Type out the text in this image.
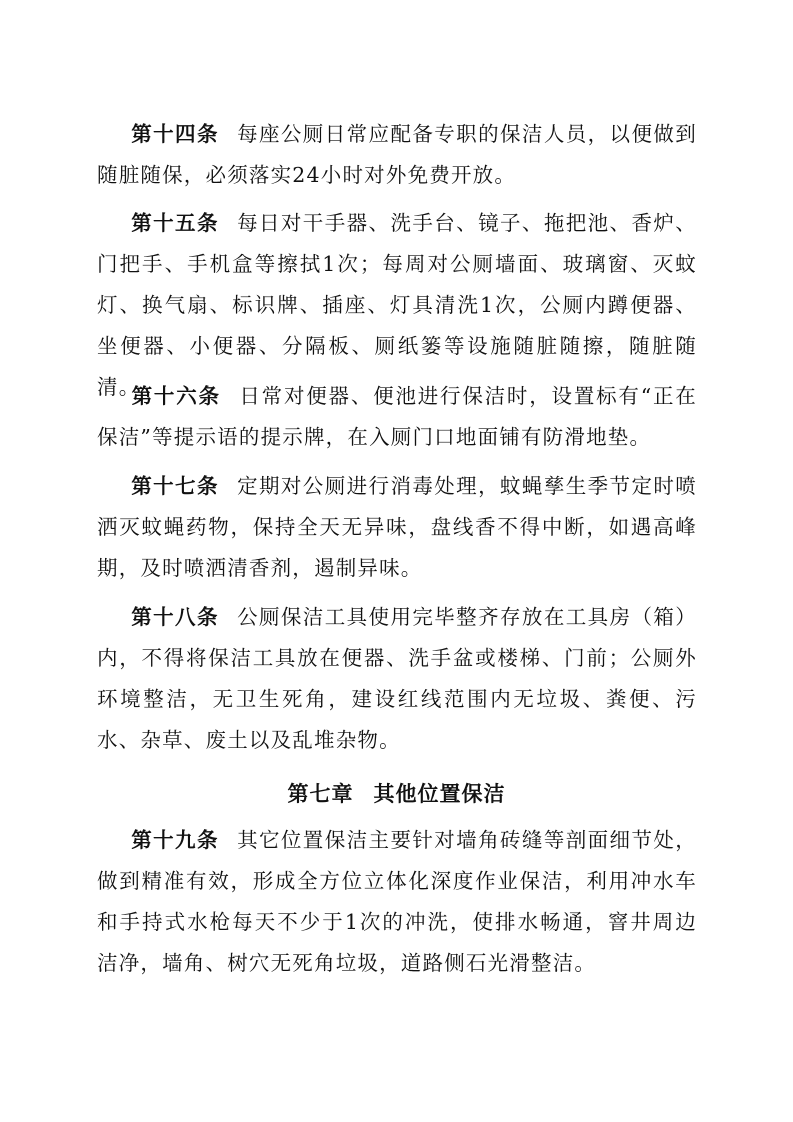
第十四条 每座公厕日常应配备专职的保洁人员，以便做到随脏随保，必须落实24小时对外免费开放。

第十五条 每日对干手器、洗手台、镜子、拖把池、香炉、门把手、手机盒等擦拭1次；每周对公厕墙面、玻璃窗、灭蚊灯、换气扇、标识牌、插座、灯具清洗1次，公厕内蹲便器、坐便器、小便器、分隔板、厕纸篓等设施随脏随擦，随脏随清。

第十六条 日常对便器、便池进行保洁时，设置标有“正在保洁”等提示语的提示牌，在入厕门口地面铺有防滑地垫。

第十七条 定期对公厕进行消毒处理，蚊蝇孳生季节定时喷洒灭蚊蝇药物，保持全天无异味，盘线香不得中断，如遇高峰期，及时喷洒清香剂，遏制异味。

第十八条 公厕保洁工具使用完毕整齐存放在工具房（箱）内，不得将保洁工具放在便器、洗手盆或楼梯、门前；公厕外环境整洁，无卫生死角，建设红线范围内无垃圾、粪便、污水、杂草、废土以及乱堆杂物。

第七章 其他位置保洁

第十九条 其它位置保洁主要针对墙角砖缝等剖面细节处，做到精准有效，形成全方位立体化深度作业保洁，利用冲水车和手持式水枪每天不少于1次的冲洗，使排水畅通，窨井周边洁净，墙角、树穴无死角垃圾，道路侧石光滑整洁。
